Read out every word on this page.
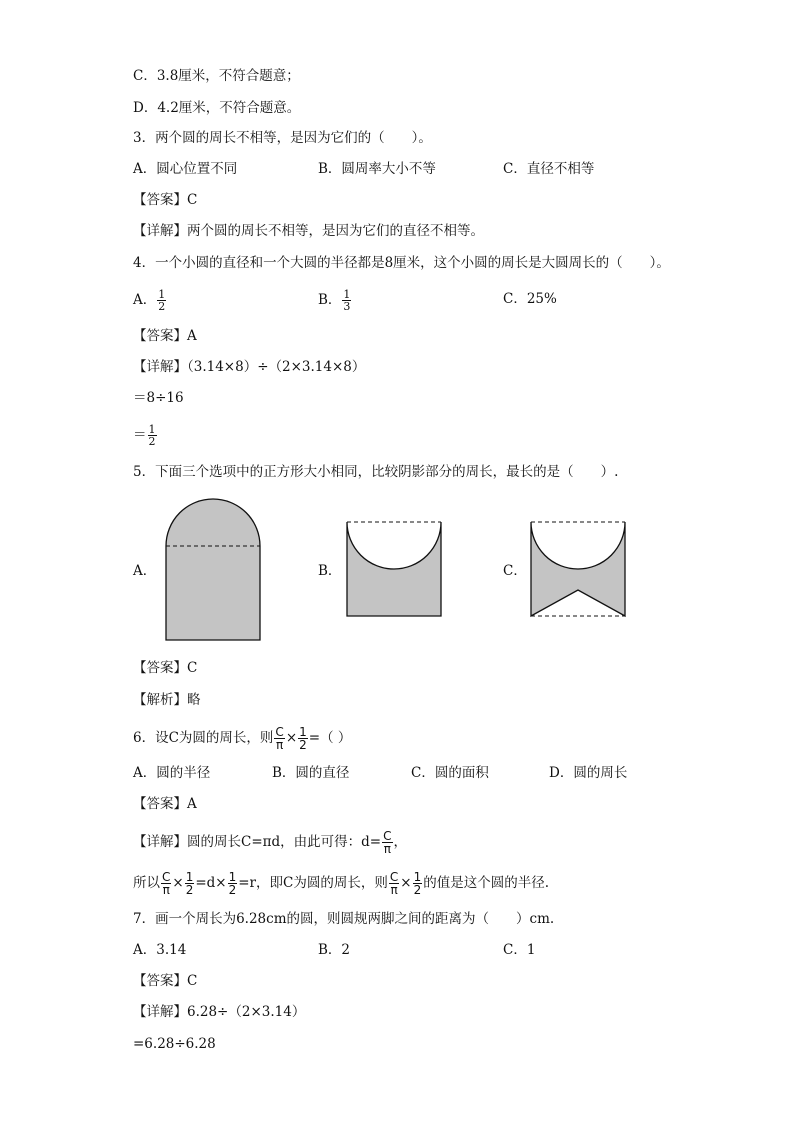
C．3.8厘米，不符合题意；
D．4.2厘米，不符合题意。
3．两个圆的周长不相等，是因为它们的（　　）。
A．圆心位置不同	B．圆周率大小不等	C．直径不相等
【答案】C
【详解】两个圆的周长不相等，是因为它们的直径不相等。
4．一个小圆的直径和一个大圆的半径都是8厘米，这个小圆的周长是大圆周长的（　　）。
A． $\frac{1}{2}$	B． $\frac{1}{3}$	C．25%
【答案】A
【详解】（3.14×8）÷（2×3.14×8）
＝8÷16
＝ $\frac{1}{2}$
5．下面三个选项中的正方形大小相同，比较阴影部分的周长，最长的是（　　）.
A．	B．	C．
【答案】C
【解析】略
6．设C为圆的周长，则 $\frac{C}{\pi} \times \frac{1}{2}$ =（ ）
A．圆的半径	B．圆的直径	C．圆的面积	D．圆的周长
【答案】A
【详解】圆的周长C=πd，由此可得：$d= \frac{C}{\pi}$ ，
所以 $\frac{C}{\pi} \times \frac{1}{2} =d\times \frac{1}{2} =r$，即C为圆的周长，则 $\frac{C}{\pi} \times \frac{1}{2}$ 的值是这个圆的半径.
7．画一个周长为6.28cm的圆，则圆规两脚之间的距离为（　　）cm.
A．3.14	B．2	C．1
【答案】C
【详解】6.28÷（2×3.14）
=6.28÷6.28
